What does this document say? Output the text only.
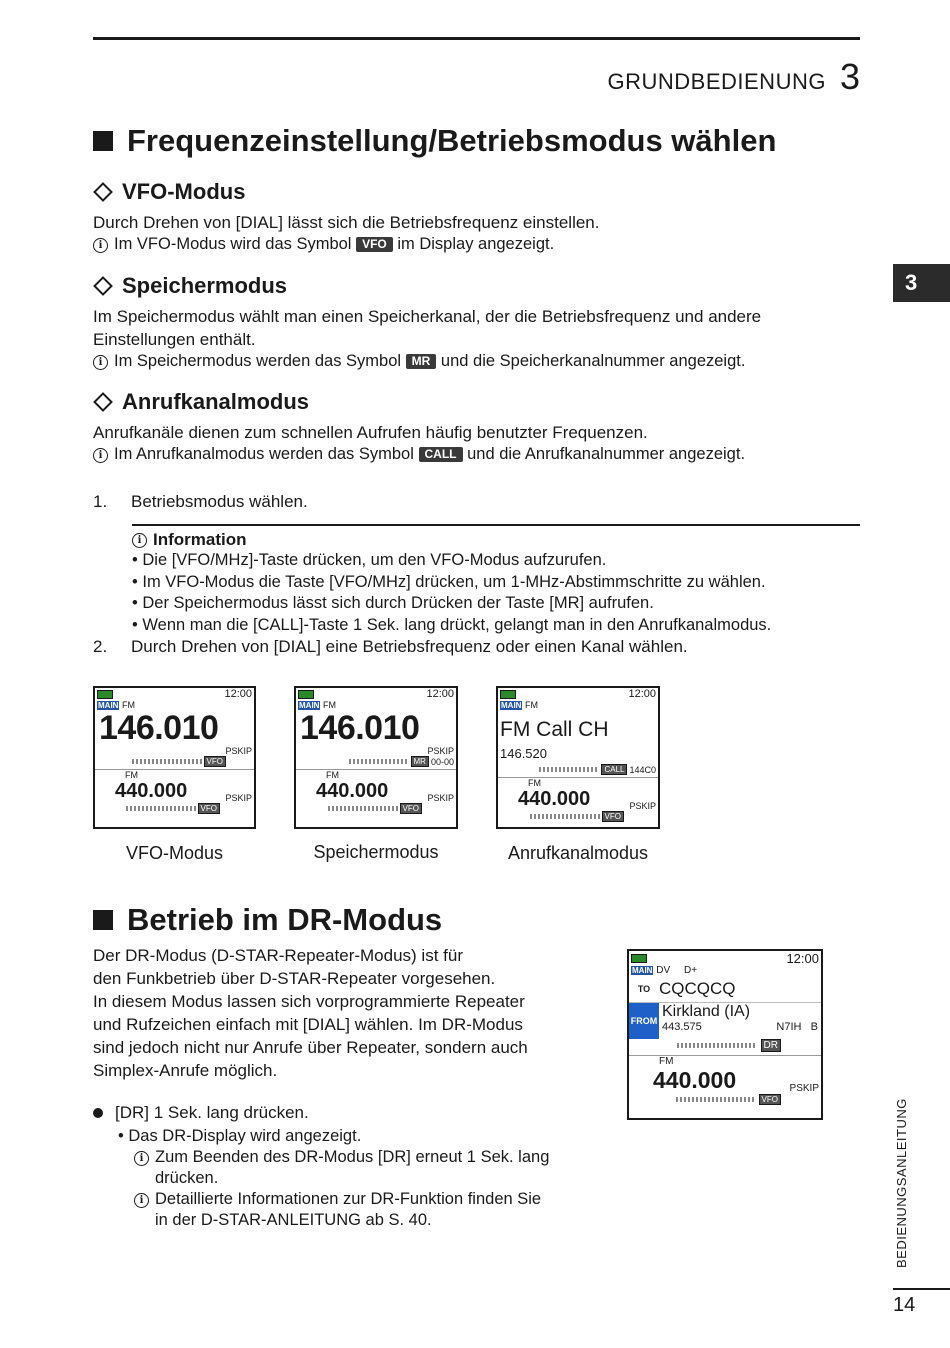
GRUNDBEDIENUNG 3
3
Frequenzeinstellung/Betriebsmodus wählen
VFO-Modus

Durch Drehen von [DIAL] lässt sich die Betriebsfrequenz einstellen.

i Im VFO-Modus wird das Symbol VFO im Display angezeigt.
Speichermodus

Im Speichermodus wählt man einen Speicherkanal, der die Betriebsfrequenz und andere

Einstellungen enthält.

i Im Speichermodus werden das Symbol MR und die Speicherkanalnummer angezeigt.
Anrufkanalmodus

Anrufkanäle dienen zum schnellen Aufrufen häufig benutzter Frequenzen.

i Im Anrufkanalmodus werden das Symbol CALL und die Anrufkanalnummer angezeigt.
1.	Betriebsmodus wählen.
i Information
• Die [VFO/MHz]-Taste drücken, um den VFO-Modus aufzurufen.
• Im VFO-Modus die Taste [VFO/MHz] drücken, um 1-MHz-Abstimmschritte zu wählen.
• Der Speichermodus lässt sich durch Drücken der Taste [MR] aufrufen.
• Wenn man die [CALL]-Taste 1 Sek. lang drückt, gelangt man in den Anrufkanalmodus.
2.	Durch Drehen von [DIAL] eine Betriebsfrequenz oder einen Kanal wählen.
12:00
MAIN FM
146.010
PSKIP
VFO
FM
440.000	PSKIP
VFO
VFO-Modus
12:00
MAIN FM
146.010
PSKIP
MR 00-00
FM
440.000	PSKIP
VFO
Speichermodus
12:00
MAIN FM
FM Call CH
146.520
CALL 144C0
FM
440.000	PSKIP
VFO
Anrufkanalmodus
Betrieb im DR-Modus

Der DR-Modus (D-STAR-Repeater-Modus) ist für

den Funkbetrieb über D-STAR-Repeater vorgesehen.

In diesem Modus lassen sich vorprogrammierte Repeater

und Rufzeichen einfach mit [DIAL] wählen. Im DR-Modus

sind jedoch nicht nur Anrufe über Repeater, sondern auch

Simplex-Anrufe möglich.

[DR] 1 Sek. lang drücken.
• Das DR-Display wird angezeigt.
i Zum Beenden des DR-Modus [DR] erneut 1 Sek. lang
drücken.
i Detaillierte Informationen zur DR-Funktion finden Sie
in der D-STAR-ANLEITUNG ab S. 40.
12:00
MAIN DV D+
TO CQCQCQ
FROM
Kirkland (IA)
443.575	N7IH B
DR
FM
440.000	PSKIP
VFO	BEDIENUNGSANLEITUNG
14
